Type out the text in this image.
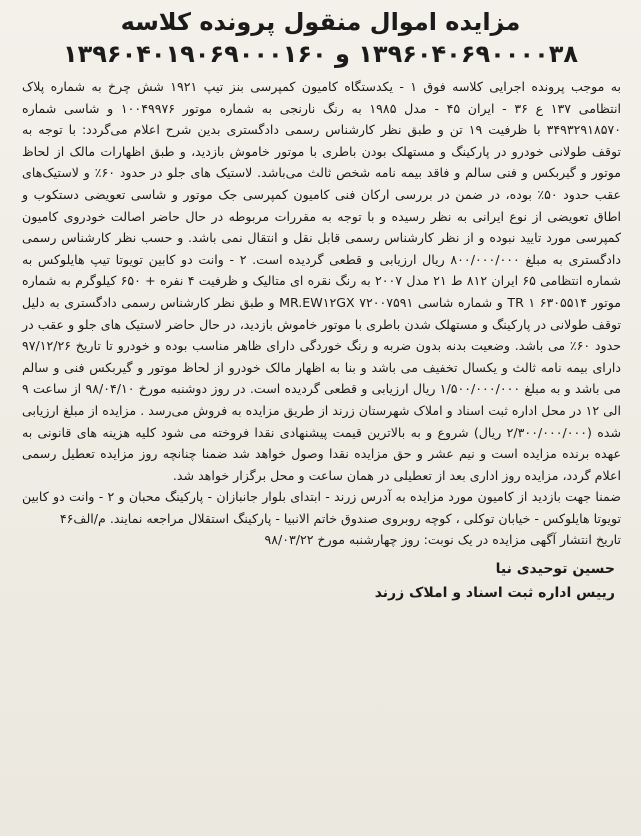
مزایده اموال منقول پرونده کلاسه
۱۳۹۶۰۴۰۶۹۰۰۰۰۳۸ و ۱۳۹۶۰۴۰۱۹۰۶۹۰۰۰۱۶۰

به موجب پرونده اجرایی کلاسه فوق ۱ - یکدستگاه کامیون کمپرسی بنز تیپ ۱۹۲۱ شش چرخ به شماره پلاک انتظامی ۱۳۷ ع ۳۶ - ایران ۴۵ - مدل ۱۹۸۵ به رنگ نارنجی به شماره موتور ۱۰۰۴۹۹۷۶ و شاسی شماره ۳۴۹۳۲۹۱۸۵۷۰ با ظرفیت ۱۹ تن و طبق نظر کارشناس رسمی دادگستری بدین شرح اعلام می‌گردد: با توجه به توقف طولانی خودرو در پارکینگ و مستهلک بودن باطری با موتور خاموش بازدید، و طبق اظهارات مالک از لحاظ موتور و گیربکس و فنی سالم و فاقد بیمه نامه شخص ثالث می‌باشد. لاستیک های جلو در حدود ۶۰٪ و لاستیک‌های عقب حدود ۵۰٪ بوده، در ضمن در بررسی ارکان فنی کامیون کمپرسی جک موتور و شاسی تعویضی دستکوب و اطاق تعویضی از نوع ایرانی به نظر رسیده و با توجه به مقررات مربوطه در حال حاضر اصالت خودروی کامیون کمپرسی مورد تایید نبوده و از نظر کارشناس رسمی قابل نقل و انتقال نمی باشد. و حسب نظر کارشناس رسمی دادگستری به مبلغ ۸۰۰/۰۰۰/۰۰۰ ریال ارزیابی و قطعی گردیده است. ۲ - وانت دو کابین تویوتا تیپ هایلوکس به شماره انتظامی ۶۵ ایران ۸۱۲ ط ۲۱ مدل ۲۰۰۷ به رنگ نقره ای متالیک و ظرفیت ۴ نفره + ۶۵۰ کیلوگرم به شماره موتور TR ۱ ۶۳۰۵۵۱۴ و شماره شاسی ۷۲۰۰۷۵۹۱ MR.EW۱۲GX و طبق نظر کارشناس رسمی دادگستری به دلیل توقف طولانی در پارکینگ و مستهلک شدن باطری با موتور خاموش بازدید، در حال حاضر لاستیک های جلو و عقب در حدود ۶۰٪ می باشد. وضعیت بدنه بدون ضربه و رنگ خوردگی دارای ظاهر مناسب بوده و خودرو تا تاریخ ۹۷/۱۲/۲۶ دارای بیمه نامه ثالث و یکسال تخفیف می باشد و بنا به اظهار مالک خودرو از لحاظ موتور و گیربکس فنی و سالم می باشد و به مبلغ ۱/۵۰۰/۰۰۰/۰۰۰ ریال ارزیابی و قطعی گردیده است. در روز دوشنبه مورخ ۹۸/۰۴/۱۰ از ساعت ۹ الی ۱۲ در محل اداره ثبت اسناد و املاک شهرستان زرند از طریق مزایده به فروش می‌رسد . مزایده از مبلغ ارزیابی شده (۲/۳۰۰/۰۰۰/۰۰۰ ریال) شروع و به بالاترین قیمت پیشنهادی نقدا فروخته می شود کلیه هزینه های قانونی به عهده برنده مزایده است و نیم عشر و حق مزایده نقدا وصول خواهد شد ضمنا چنانچه روز مزایده تعطیل رسمی اعلام گردد، مزایده روز اداری بعد از تعطیلی در همان ساعت و محل برگزار خواهد شد.

ضمنا جهت بازدید از کامیون مورد مزایده به آدرس زرند - ابتدای بلوار جانبازان - پارکینگ محبان و ۲ - وانت دو کابین تویوتا هایلوکس - خیابان توکلی ، کوچه روبروی صندوق خاتم الانبیا - پارکینگ استقلال مراجعه نمایند. م/الف۴۶

تاریخ انتشار آگهی مزایده در یک نوبت: روز چهارشنبه مورخ ۹۸/۰۳/۲۲

حسین توحیدی نیا
رییس اداره ثبت اسناد و املاک زرند
